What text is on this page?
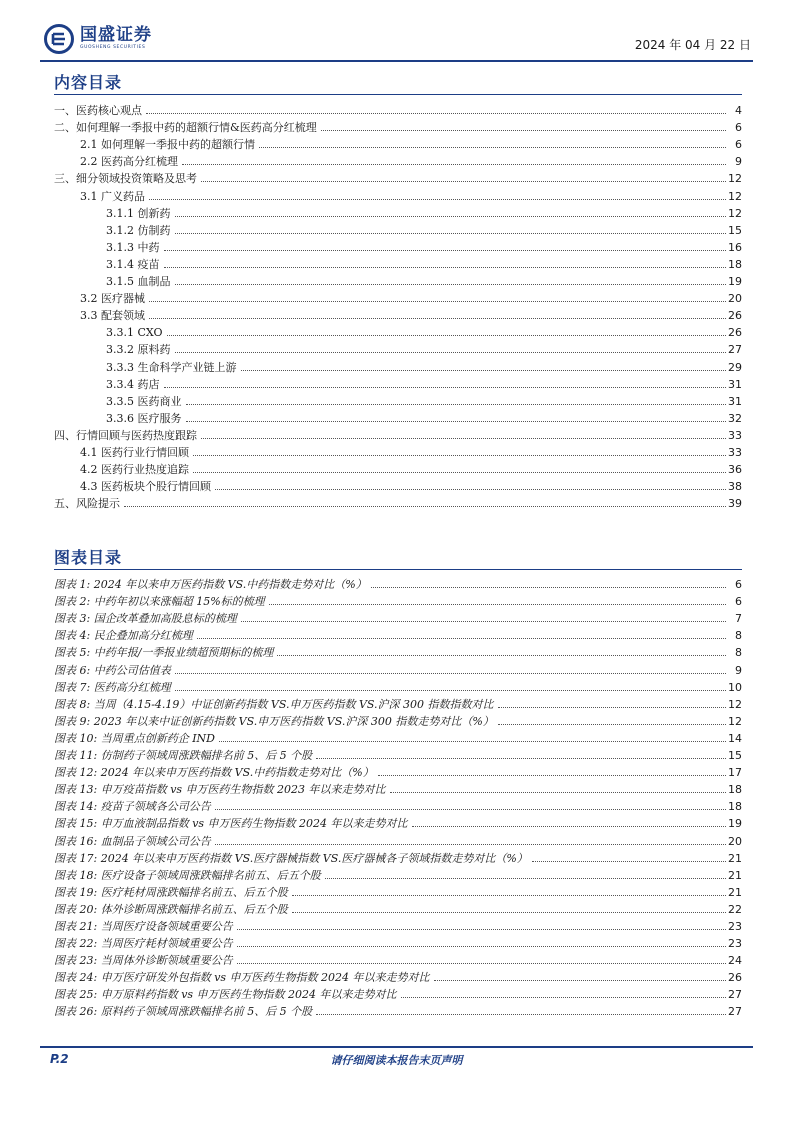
国盛证券
GUOSHENG SECURITIES	2024 年 04 月 22 日
内容目录
一、医药核心观点	4
二、如何理解一季报中药的超额行情&医药高分红梳理	6
2.1 如何理解一季报中药的超额行情	6
2.2 医药高分红梳理	9
三、细分领域投资策略及思考	12
3.1 广义药品	12
3.1.1 创新药	12
3.1.2 仿制药	15
3.1.3 中药	16
3.1.4 疫苗	18
3.1.5 血制品	19
3.2 医疗器械	20
3.3 配套领域	26
3.3.1 CXO	26
3.3.2 原料药	27
3.3.3 生命科学产业链上游	29
3.3.4 药店	31
3.3.5 医药商业	31
3.3.6 医疗服务	32
四、行情回顾与医药热度跟踪	33
4.1 医药行业行情回顾	33
4.2 医药行业热度追踪	36
4.3 医药板块个股行情回顾	38
五、风险提示	39
图表目录
图表 1: 2024 年以来申万医药指数 VS.中药指数走势对比（%）	6
图表 2: 中药年初以来涨幅超 15%标的梳理	6
图表 3: 国企改革叠加高股息标的梳理	7
图表 4: 民企叠加高分红梳理	8
图表 5: 中药年报/一季报业绩超预期标的梳理	8
图表 6: 中药公司估值表	9
图表 7: 医药高分红梳理	10
图表 8: 当周（4.15-4.19）中证创新药指数 VS.申万医药指数 VS.沪深 300 指数指数对比	12
图表 9: 2023 年以来中证创新药指数 VS.申万医药指数 VS.沪深 300 指数走势对比（%）	12
图表 10: 当周重点创新药企 IND	14
图表 11: 仿制药子领域周涨跌幅排名前 5、后 5 个股	15
图表 12: 2024 年以来申万医药指数 VS.中药指数走势对比（%）	17
图表 13: 申万疫苗指数 vs 申万医药生物指数 2023 年以来走势对比	18
图表 14: 疫苗子领域各公司公告	18
图表 15: 申万血液制品指数 vs 申万医药生物指数 2024 年以来走势对比	19
图表 16: 血制品子领域公司公告	20
图表 17: 2024 年以来申万医药指数 VS.医疗器械指数 VS.医疗器械各子领域指数走势对比（%）	21
图表 18: 医疗设备子领域周涨跌幅排名前五、后五个股	21
图表 19: 医疗耗材周涨跌幅排名前五、后五个股	21
图表 20: 体外诊断周涨跌幅排名前五、后五个股	22
图表 21: 当周医疗设备领域重要公告	23
图表 22: 当周医疗耗材领域重要公告	23
图表 23: 当周体外诊断领域重要公告	24
图表 24: 申万医疗研发外包指数 vs 申万医药生物指数 2024 年以来走势对比	26
图表 25: 申万原料药指数 vs 申万医药生物指数 2024 年以来走势对比	27
图表 26: 原料药子领域周涨跌幅排名前 5、后 5 个股	27
P.2	请仔细阅读本报告末页声明
